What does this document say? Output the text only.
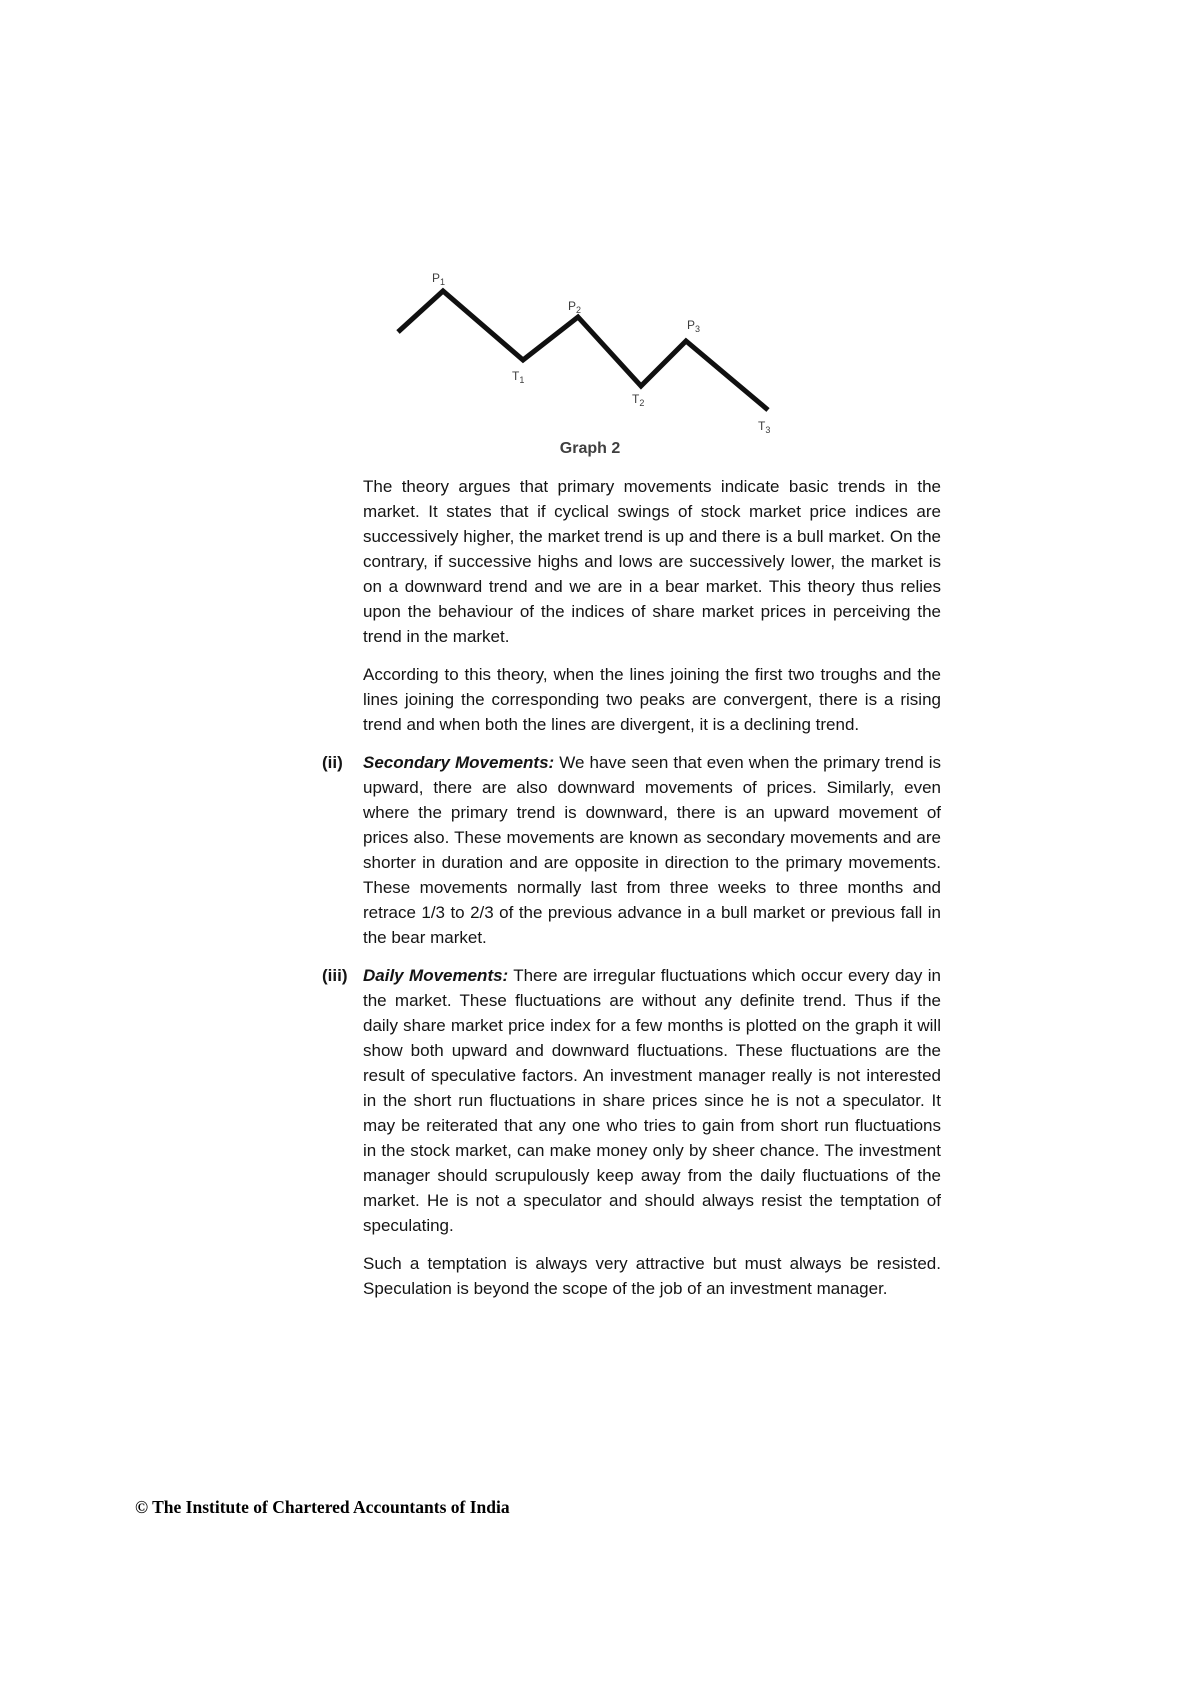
$P_1$
$P_2$
$P_3$
$T_1$
$T_2$
$T_3$
Graph 2

The theory argues that primary movements indicate basic trends in the market. It states that if cyclical swings of stock market price indices are successively higher, the market trend is up and there is a bull market. On the contrary, if successive highs and lows are successively lower, the market is on a downward trend and we are in a bear market. This theory thus relies upon the behaviour of the indices of share market prices in perceiving the trend in the market.

According to this theory, when the lines joining the first two troughs and the lines joining the corresponding two peaks are convergent, there is a rising trend and when both the lines are divergent, it is a declining trend.

(ii) Secondary Movements: We have seen that even when the primary trend is upward, there are also downward movements of prices. Similarly, even where the primary trend is downward, there is an upward movement of prices also. These movements are known as secondary movements and are shorter in duration and are opposite in direction to the primary movements. These movements normally last from three weeks to three months and retrace 1/3 to 2/3 of the previous advance in a bull market or previous fall in the bear market.

(iii) Daily Movements: There are irregular fluctuations which occur every day in the market. These fluctuations are without any definite trend. Thus if the daily share market price index for a few months is plotted on the graph it will show both upward and downward fluctuations. These fluctuations are the result of speculative factors. An investment manager really is not interested in the short run fluctuations in share prices since he is not a speculator. It may be reiterated that any one who tries to gain from short run fluctuations in the stock market, can make money only by sheer chance. The investment manager should scrupulously keep away from the daily fluctuations of the market. He is not a speculator and should always resist the temptation of speculating.

Such a temptation is always very attractive but must always be resisted. Speculation is beyond the scope of the job of an investment manager.

© The Institute of Chartered Accountants of India
